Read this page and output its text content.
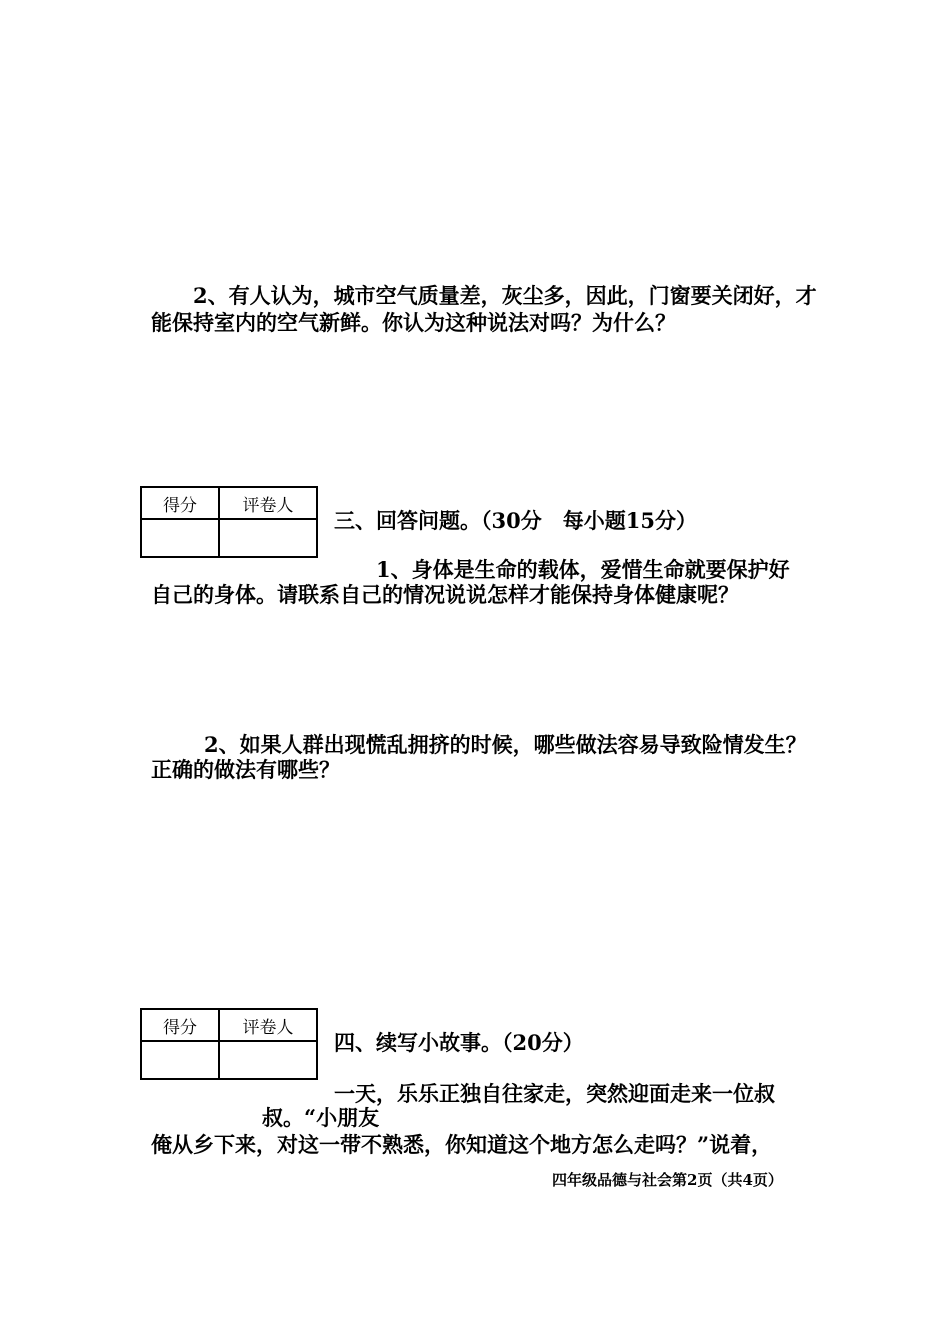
2、有人认为，城市空气质量差，灰尘多，因此，门窗要关闭好，才
能保持室内的空气新鲜。你认为这种说法对吗？为什么？
得分	评卷人

三、回答问题。（30分　每小题15分）
1、身体是生命的载体，爱惜生命就要保护好
自己的身体。请联系自己的情况说说怎样才能保持身体健康呢？
2、如果人群出现慌乱拥挤的时候，哪些做法容易导致险情发生？
正确的做法有哪些？
得分	评卷人

四、续写小故事。（20分）
一天，乐乐正独自往家走，突然迎面走来一位叔
叔。“小朋友
俺从乡下来，对这一带不熟悉，你知道这个地方怎么走吗？”说着，
四年级品德与社会第2页（共4页）
